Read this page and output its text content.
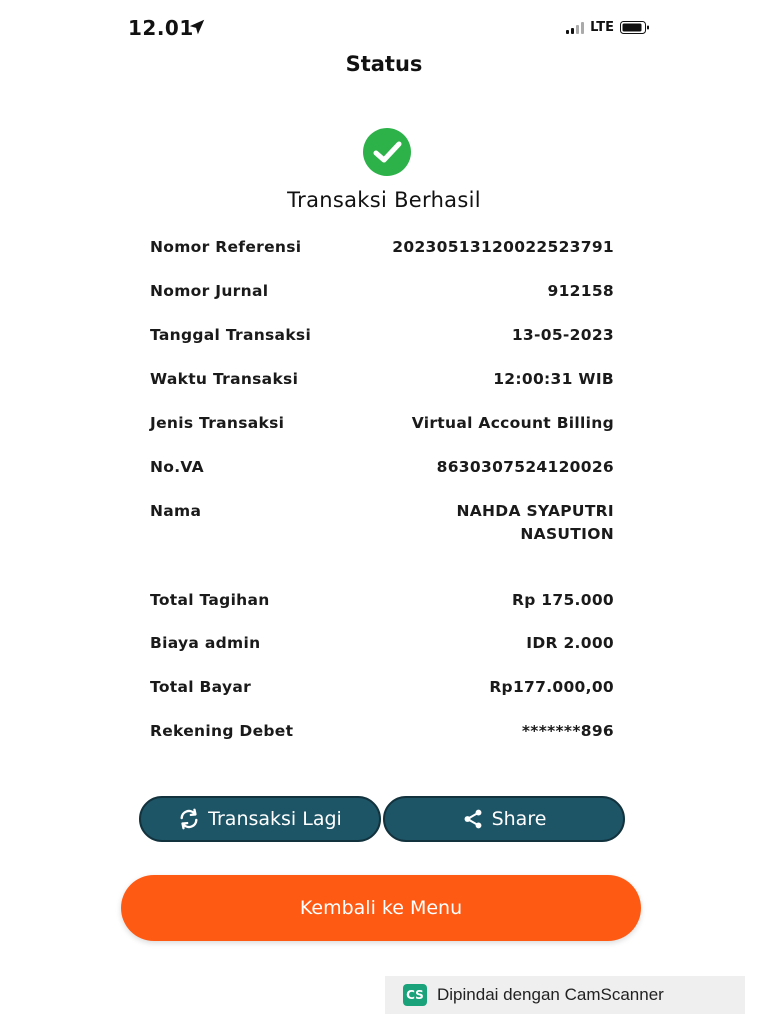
12.01	LTE
Status
Transaksi Berhasil
Nomor Referensi	20230513120022523791
Nomor Jurnal	912158
Tanggal Transaksi	13-05-2023
Waktu Transaksi	12:00:31 WIB
Jenis Transaksi	Virtual Account Billing
No.VA	8630307524120026
Nama	NAHDA SYAPUTRI
NASUTION
Total Tagihan	Rp 175.000
Biaya admin	IDR 2.000
Total Bayar	Rp177.000,00
Rekening Debet	*******896
Transaksi Lagi	Share
Kembali ke Menu
CS Dipindai dengan CamScanner
